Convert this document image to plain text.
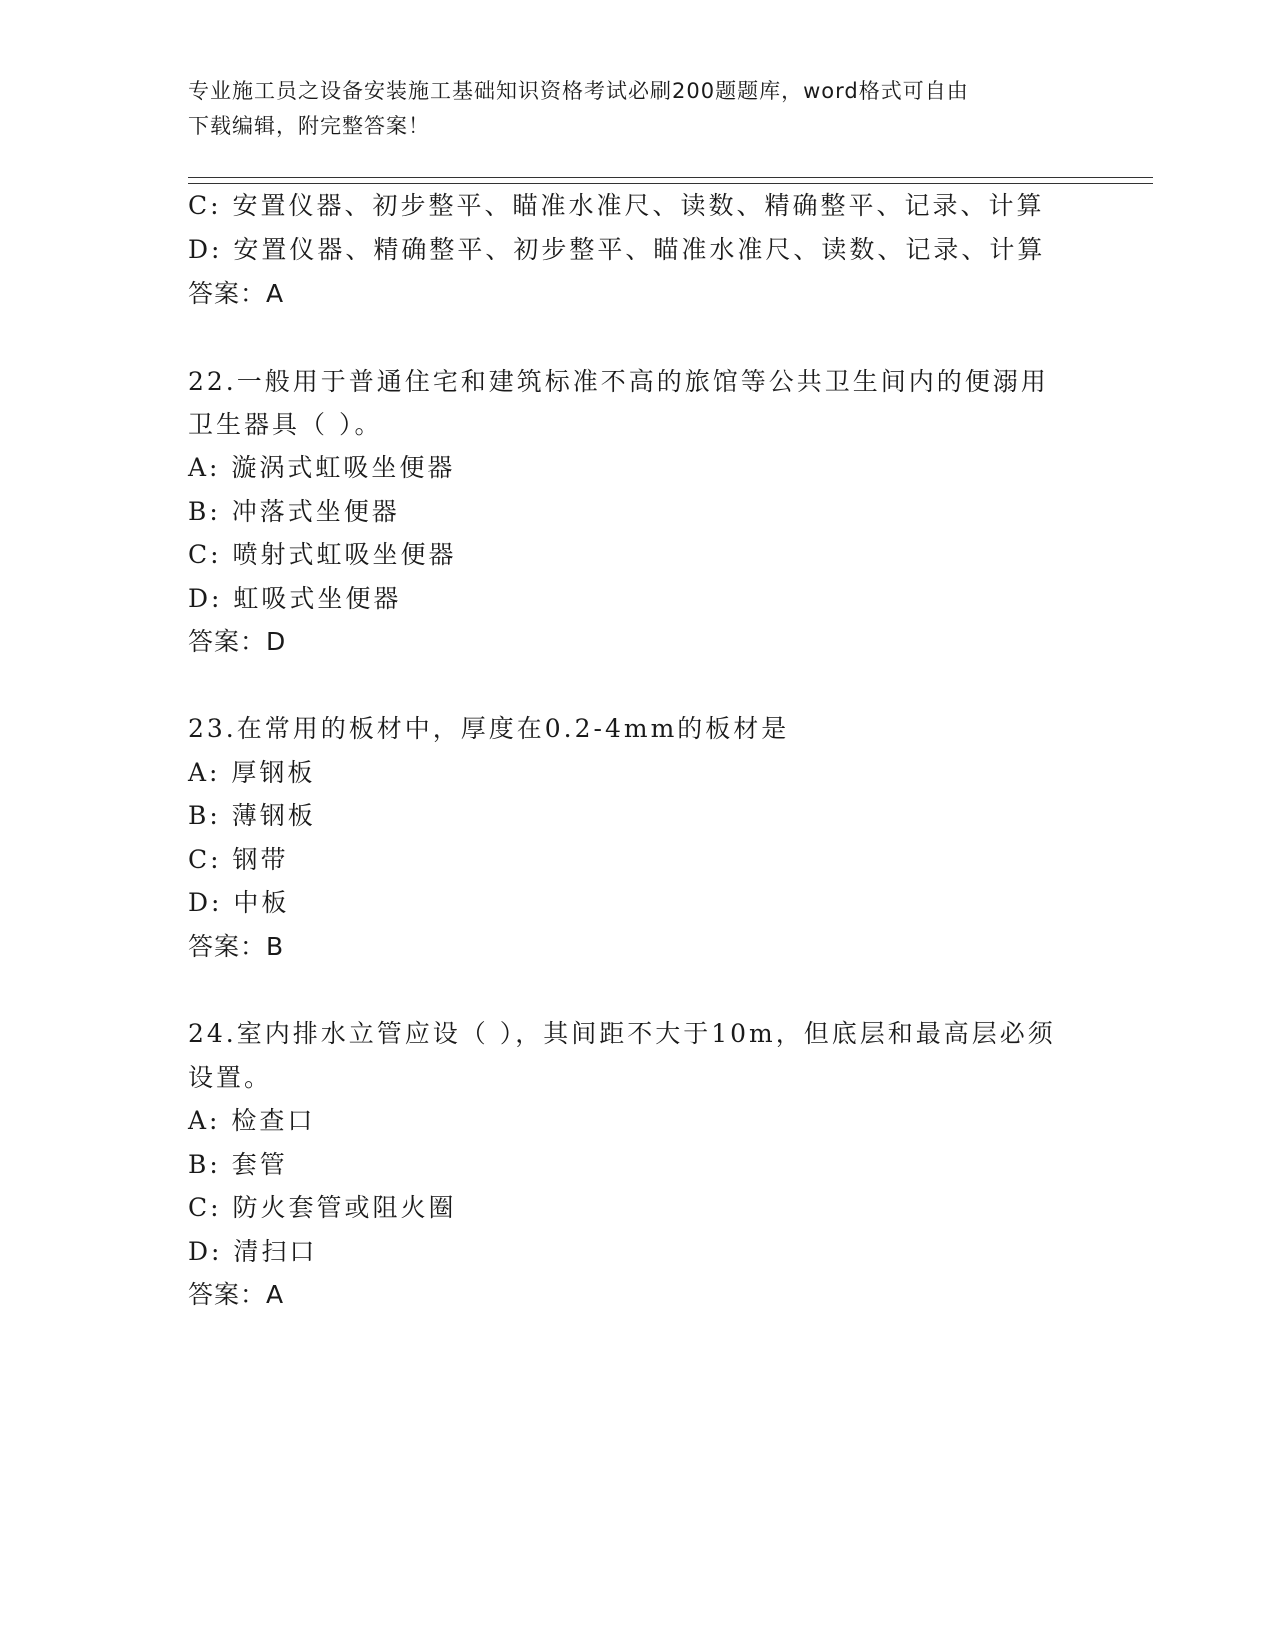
专业施工员之设备安装施工基础知识资格考试必刷200题题库，word格式可自由
下载编辑，附完整答案！
C: 安置仪器、初步整平、瞄准水准尺、读数、精确整平、记录、计算
D: 安置仪器、精确整平、初步整平、瞄准水准尺、读数、记录、计算
答案：A
22.一般用于普通住宅和建筑标准不高的旅馆等公共卫生间内的便溺用
卫生器具（ ）。
A: 漩涡式虹吸坐便器
B: 冲落式坐便器
C: 喷射式虹吸坐便器
D: 虹吸式坐便器
答案：D
23.在常用的板材中，厚度在0.2-4mm的板材是
A: 厚钢板
B: 薄钢板
C: 钢带
D: 中板
答案：B
24.室内排水立管应设（ ），其间距不大于10m，但底层和最高层必须
设置。
A: 检查口
B: 套管
C: 防火套管或阻火圈
D: 清扫口
答案：A
